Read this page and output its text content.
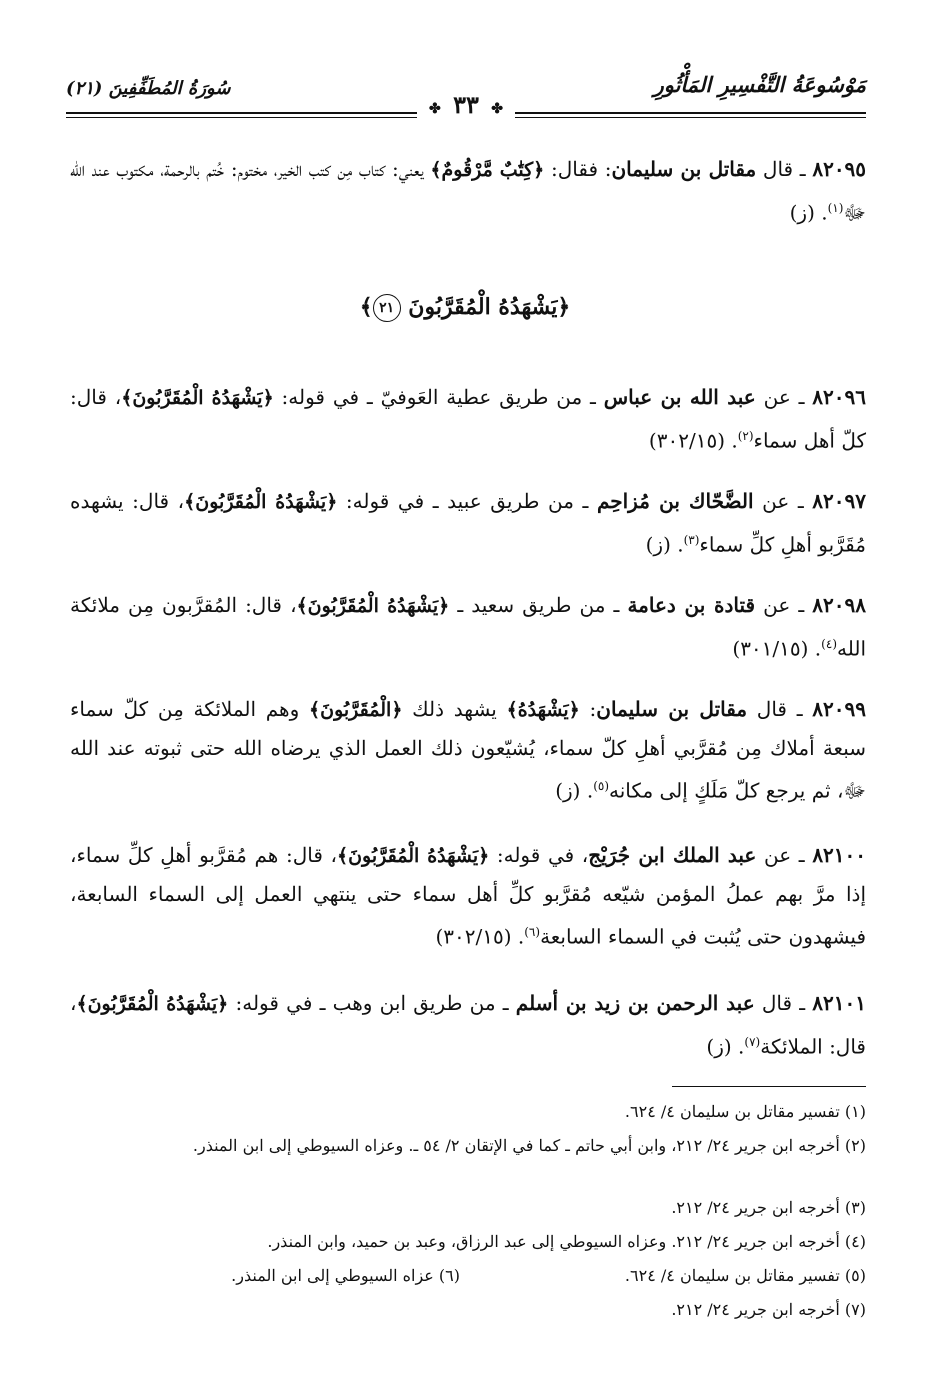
مَوْسُوعَةُ التَّفْسِيرِ المَأْثُورِ
سُورَةُ المُطَفِّفِينَ (٢١)
✤ ٣٣ ✤
٨٢٠٩٥ ـ قال مقاتل بن سليمان: فقال: ﴿كِتَٰبٌ مَّرْقُومٌ﴾ يعني: كتاب مِن كتب الخير، مختوم: خُتم بالرحمة، مكتوب عند الله ﷻ$^{(١)}$. (ز)
﴿يَشْهَدُهُ الْمُقَرَّبُونَ ٢١﴾
٨٢٠٩٦ ـ عن عبد الله بن عباس ـ من طريق عطية العَوفيّ ـ في قوله: ﴿يَشْهَدُهُ الْمُقَرَّبُونَ﴾، قال: كلّ أهل سماء$^{(٢)}$. (٣٠٢/١٥)
٨٢٠٩٧ ـ عن الضَّحّاك بن مُزاحِم ـ من طريق عبيد ـ في قوله: ﴿يَشْهَدُهُ الْمُقَرَّبُونَ﴾، قال: يشهده مُقَرَّبو أهلِ كلِّ سماء$^{(٣)}$. (ز)
٨٢٠٩٨ ـ عن قتادة بن دعامة ـ من طريق سعيد ـ ﴿يَشْهَدُهُ الْمُقَرَّبُونَ﴾، قال: المُقرَّبون مِن ملائكة الله$^{(٤)}$. (٣٠١/١٥)
٨٢٠٩٩ ـ قال مقاتل بن سليمان: ﴿يَشْهَدُهُ﴾ يشهد ذلك ﴿الْمُقَرَّبُونَ﴾ وهم الملائكة مِن كلّ سماء سبعة أملاك مِن مُقرَّبي أهلِ كلّ سماء، يُشيّعون ذلك العمل الذي يرضاه الله حتى ثبوته عند الله ﷻ، ثم يرجع كلّ مَلَكٍ إلى مكانه$^{(٥)}$. (ز)
٨٢١٠٠ ـ عن عبد الملك ابن جُرَيْج، في قوله: ﴿يَشْهَدُهُ الْمُقَرَّبُونَ﴾، قال: هم مُقرَّبو أهلِ كلِّ سماء، إذا مرَّ بهم عملُ المؤمن شيّعه مُقرَّبو كلِّ أهل سماء حتى ينتهي العمل إلى السماء السابعة، فيشهدون حتى يُثبت في السماء السابعة$^{(٦)}$. (٣٠٢/١٥)
٨٢١٠١ ـ قال عبد الرحمن بن زيد بن أسلم ـ من طريق ابن وهب ـ في قوله: ﴿يَشْهَدُهُ الْمُقَرَّبُونَ﴾، قال: الملائكة$^{(٧)}$. (ز)
(١) تفسير مقاتل بن سليمان ٤/ ٦٢٤.
(٢) أخرجه ابن جرير ٢٤/ ٢١٢، وابن أبي حاتم ـ كما في الإتقان ٢/ ٥٤ ـ. وعزاه السيوطي إلى ابن المنذر.
(٣) أخرجه ابن جرير ٢٤/ ٢١٢.
(٤) أخرجه ابن جرير ٢٤/ ٢١٢. وعزاه السيوطي إلى عبد الرزاق، وعبد بن حميد، وابن المنذر.
(٥) تفسير مقاتل بن سليمان ٤/ ٦٢٤.
(٦) عزاه السيوطي إلى ابن المنذر.
(٧) أخرجه ابن جرير ٢٤/ ٢١٢.
